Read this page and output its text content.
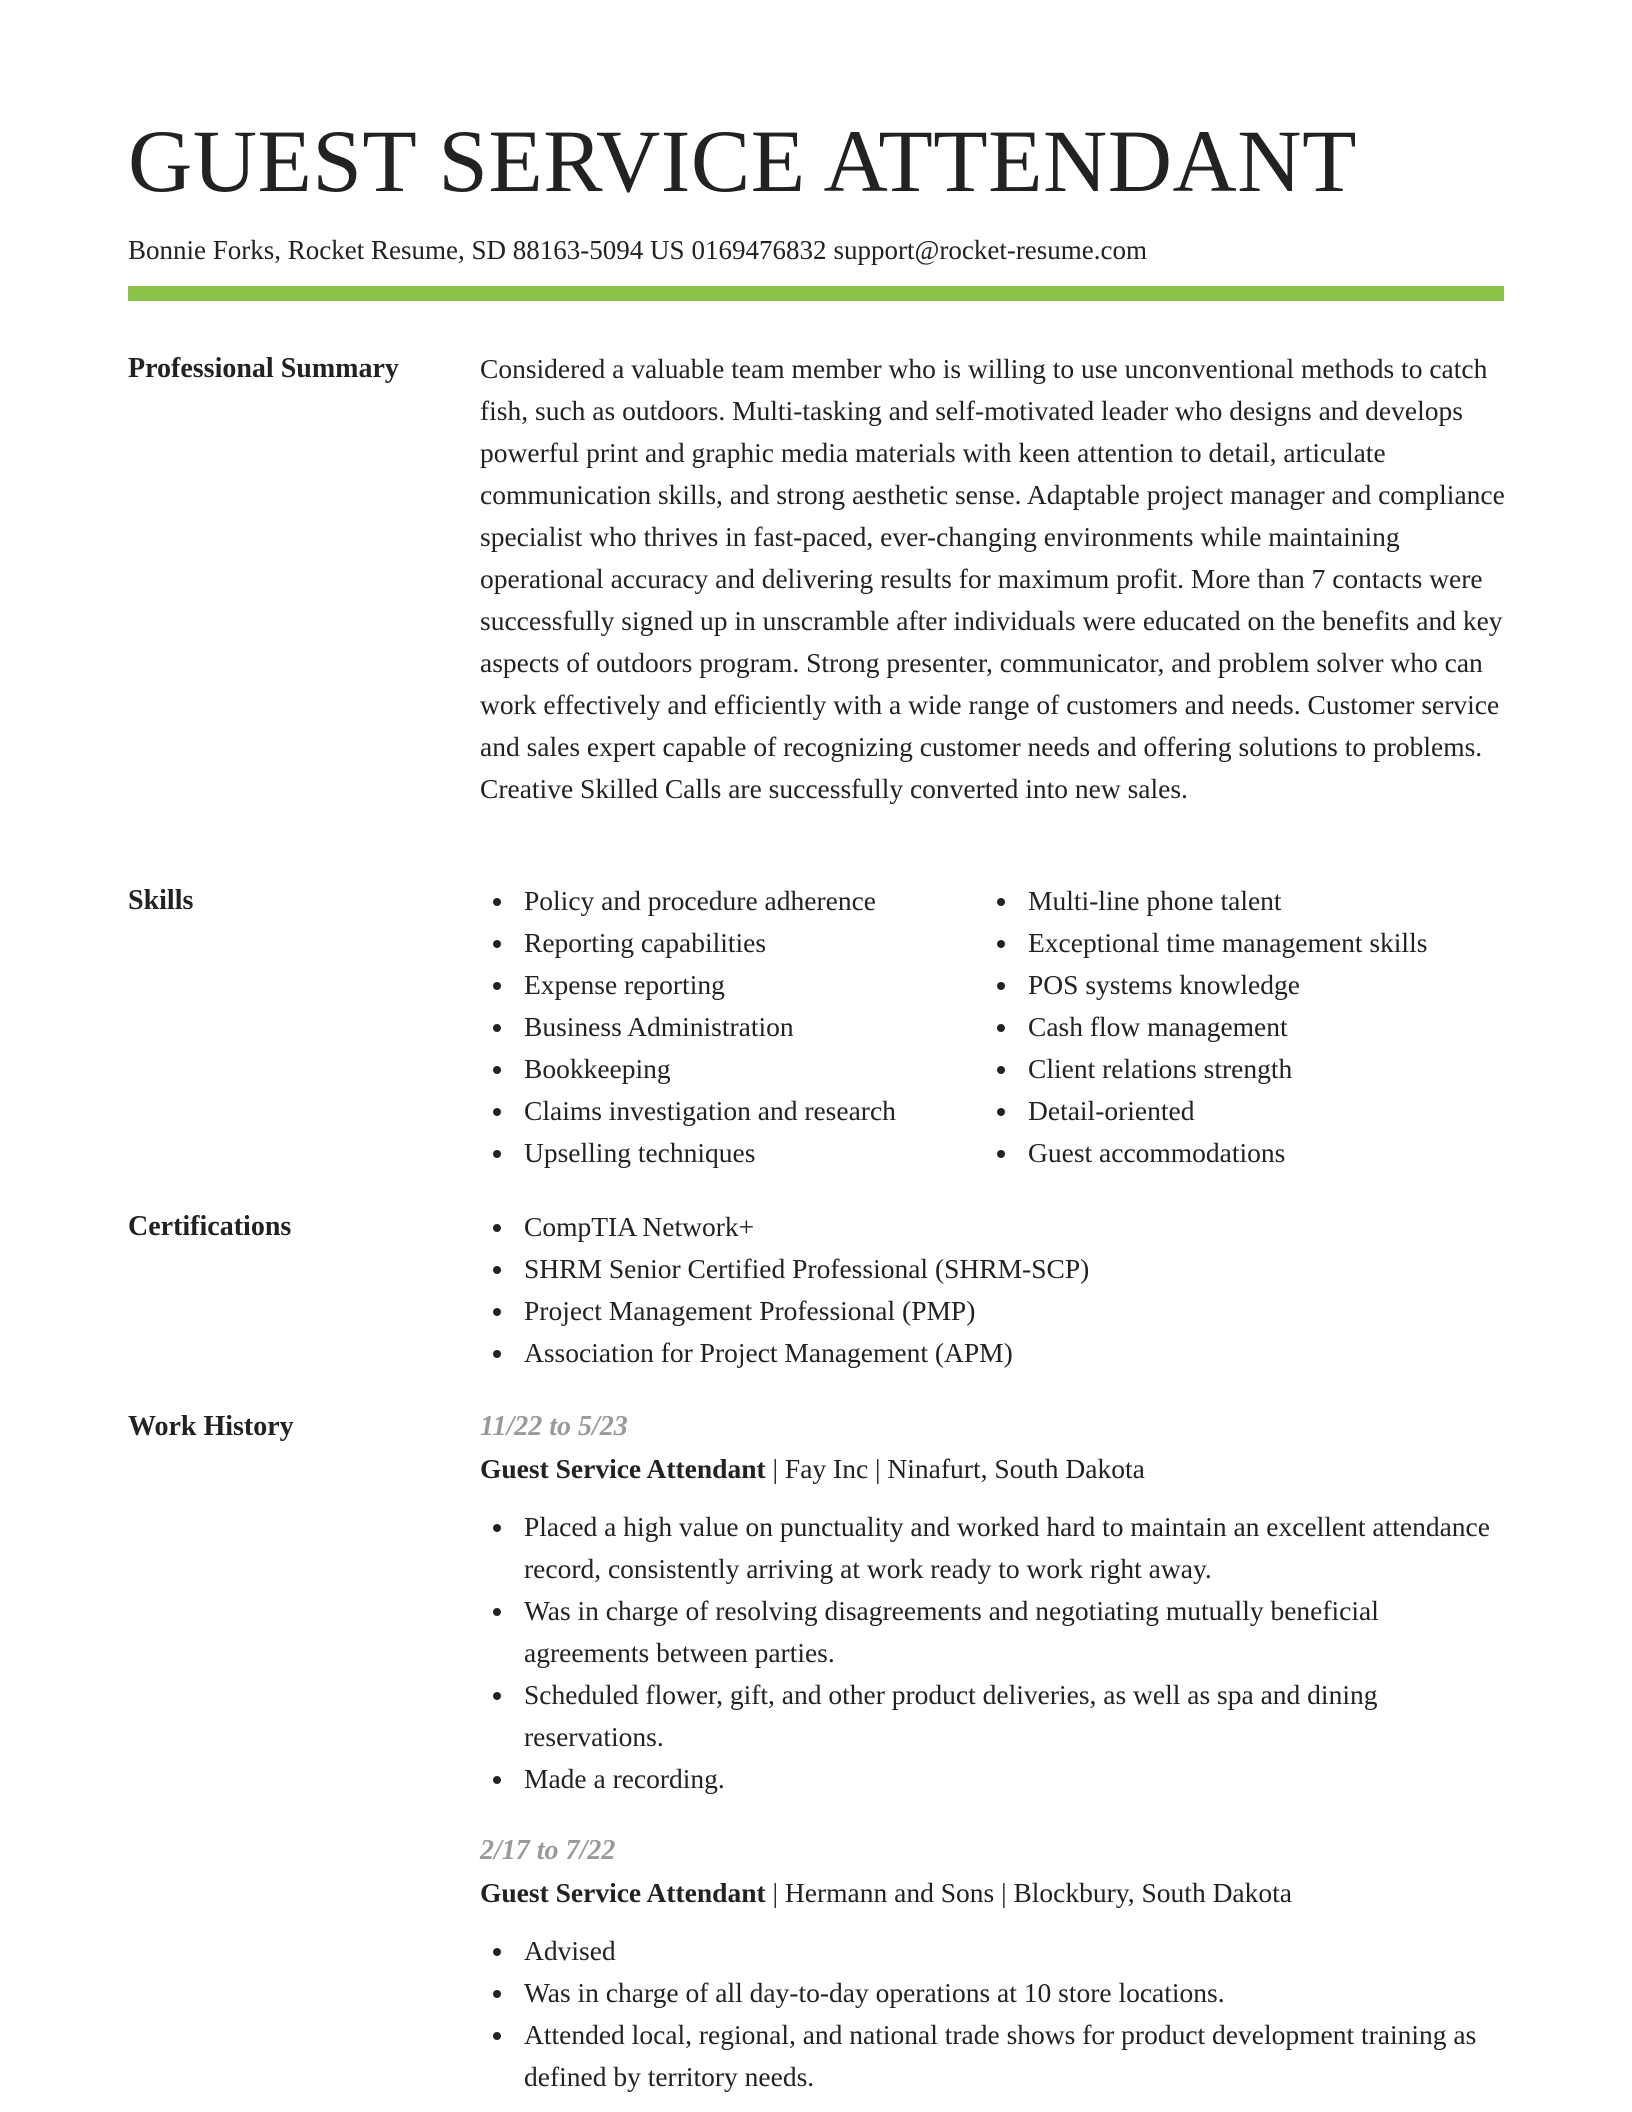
GUEST SERVICE ATTENDANT
Bonnie Forks, Rocket Resume, SD 88163-5094 US 0169476832 support@rocket-resume.com
Professional Summary	Considered a valuable team member who is willing to use unconventional methods to catch fish, such as outdoors. Multi-tasking and self-motivated leader who designs and develops powerful print and graphic media materials with keen attention to detail, articulate communication skills, and strong aesthetic sense. Adaptable project manager and compliance specialist who thrives in fast-paced, ever-changing environments while maintaining operational accuracy and delivering results for maximum profit. More than 7 contacts were successfully signed up in unscramble after individuals were educated on the benefits and key aspects of outdoors program. Strong presenter, communicator, and problem solver who can work effectively and efficiently with a wide range of customers and needs. Customer service and sales expert capable of recognizing customer needs and offering solutions to problems. Creative Skilled Calls are successfully converted into new sales.

Skills	Policy and procedure adherence
Reporting capabilities
Expense reporting
Business Administration
Bookkeeping
Claims investigation and research
Upselling techniques
Multi-line phone talent
Exceptional time management skills
POS systems knowledge
Cash flow management
Client relations strength
Detail-oriented
Guest accommodations
Certifications	CompTIA Network+
SHRM Senior Certified Professional (SHRM-SCP)
Project Management Professional (PMP)
Association for Project Management (APM)
Work History	11/22 to 5/23
Guest Service Attendant | Fay Inc | Ninafurt, South Dakota
Placed a high value on punctuality and worked hard to maintain an excellent attendance record, consistently arriving at work ready to work right away.
Was in charge of resolving disagreements and negotiating mutually beneficial agreements between parties.
Scheduled flower, gift, and other product deliveries, as well as spa and dining reservations.
Made a recording.
2/17 to 7/22
Guest Service Attendant | Hermann and Sons | Blockbury, South Dakota
Advised
Was in charge of all day-to-day operations at 10 store locations.
Attended local, regional, and national trade shows for product development training as defined by territory needs.
